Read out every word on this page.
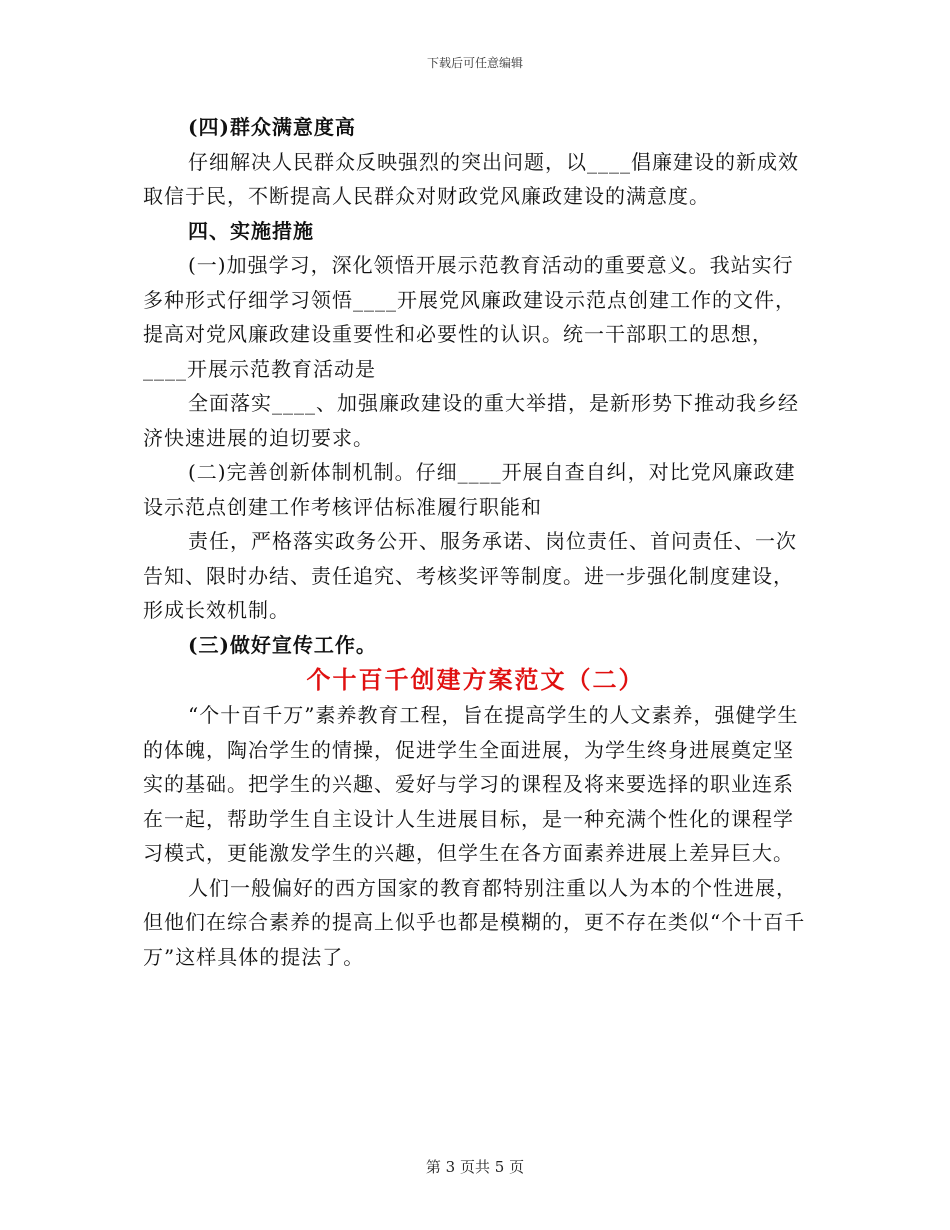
下载后可任意编辑

(四)群众满意度高

仔细解决人民群众反映强烈的突出问题，以____倡廉建设的新成效取信于民，不断提高人民群众对财政党风廉政建设的满意度。

四、实施措施

(一)加强学习，深化领悟开展示范教育活动的重要意义。我站实行多种形式仔细学习领悟____开展党风廉政建设示范点创建工作的文件，提高对党风廉政建设重要性和必要性的认识。统一干部职工的思想，____开展示范教育活动是

全面落实____、加强廉政建设的重大举措，是新形势下推动我乡经济快速进展的迫切要求。

(二)完善创新体制机制。仔细____开展自查自纠，对比党风廉政建设示范点创建工作考核评估标准履行职能和

责任，严格落实政务公开、服务承诺、岗位责任、首问责任、一次告知、限时办结、责任追究、考核奖评等制度。进一步强化制度建设，形成长效机制。

(三)做好宣传工作。

个十百千创建方案范文（二）

“个十百千万”素养教育工程，旨在提高学生的人文素养，强健学生的体魄，陶冶学生的情操，促进学生全面进展，为学生终身进展奠定坚实的基础。把学生的兴趣、爱好与学习的课程及将来要选择的职业连系在一起，帮助学生自主设计人生进展目标，是一种充满个性化的课程学习模式，更能激发学生的兴趣，但学生在各方面素养进展上差异巨大。

人们一般偏好的西方国家的教育都特别注重以人为本的个性进展，但他们在综合素养的提高上似乎也都是模糊的，更不存在类似“个十百千万”这样具体的提法了。

第 3 页共 5 页
